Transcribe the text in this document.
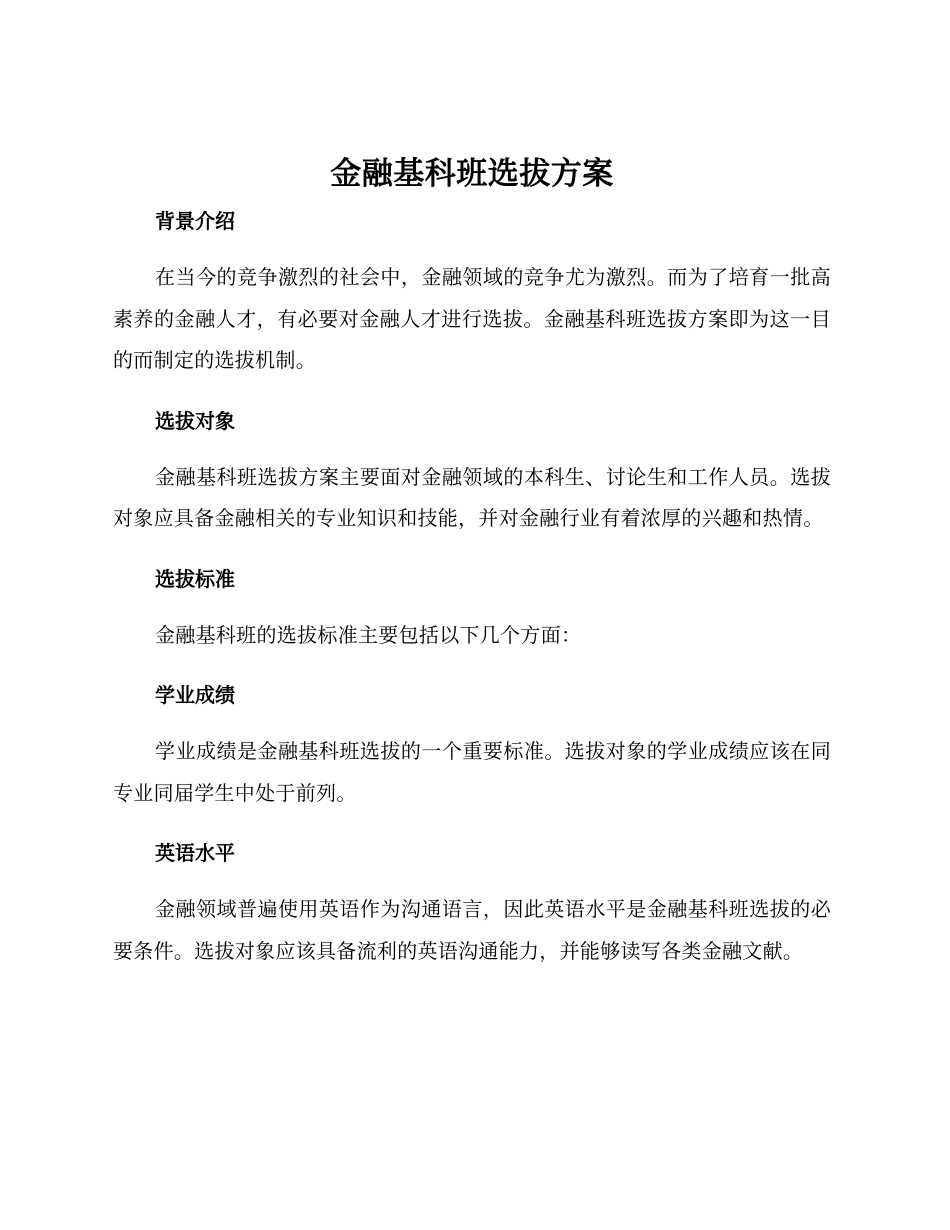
金融基科班选拔方案
背景介绍

在当今的竞争激烈的社会中，金融领域的竞争尤为激烈。而为了培育一批高素养的金融人才，有必要对金融人才进行选拔。金融基科班选拔方案即为这一目的而制定的选拔机制。

选拔对象

金融基科班选拔方案主要面对金融领域的本科生、讨论生和工作人员。选拔对象应具备金融相关的专业知识和技能，并对金融行业有着浓厚的兴趣和热情。

选拔标准

金融基科班的选拔标准主要包括以下几个方面：

学业成绩

学业成绩是金融基科班选拔的一个重要标准。选拔对象的学业成绩应该在同专业同届学生中处于前列。

英语水平

金融领域普遍使用英语作为沟通语言，因此英语水平是金融基科班选拔的必要条件。选拔对象应该具备流利的英语沟通能力，并能够读写各类金融文献。
